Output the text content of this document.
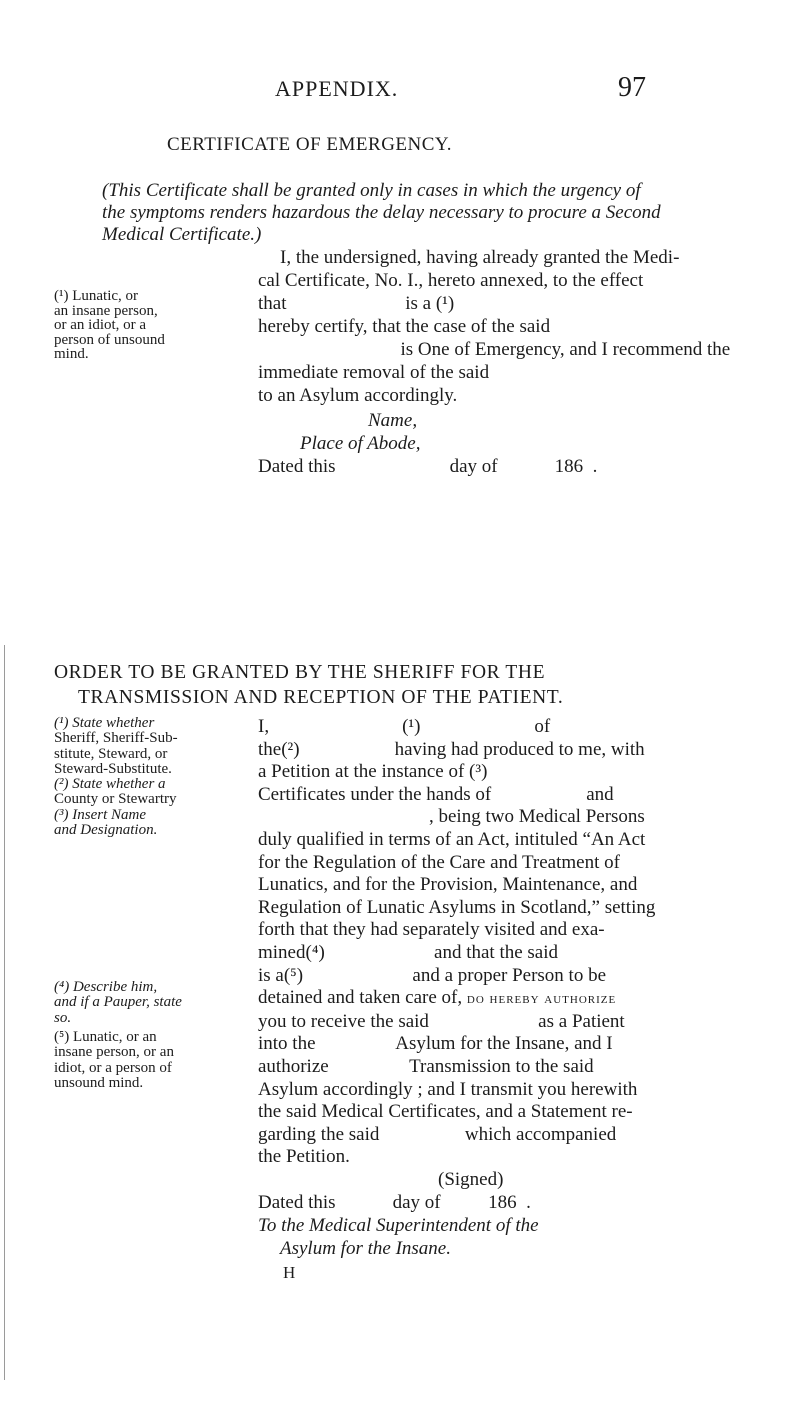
APPENDIX.	97
CERTIFICATE OF EMERGENCY.
(This Certificate shall be granted only in cases in which the urgency of the symptoms renders hazardous the delay necessary to procure a Second Medical Certificate.)
(¹) Lunatic, or
an insane person,
or an idiot, or a
person of unsound
mind.
I, the undersigned, having already granted the Medi-
cal Certificate, No. I., hereto annexed, to the effect
that                         is a (¹)
hereby certify, that the case of the said
is One of Emergency, and I recommend the
immediate removal of the said
to an Asylum accordingly.
Name,
Place of Abode,
Dated this                        day of            186  .
ORDER TO BE GRANTED BY THE SHERIFF FOR THE
TRANSMISSION AND RECEPTION OF THE PATIENT.
(¹) State whether
Sheriff, Sheriff-Sub-
stitute, Steward, or
Steward-Substitute.
(²) State whether a
County or Stewartry
(³) Insert Name
and Designation.
(⁴) Describe him,
and if a Pauper, state
so.
(⁵) Lunatic, or an
insane person, or an
idiot, or a person of
unsound mind.
I,                            (¹)                        of
the(²)                    having had produced to me, with
a Petition at the instance of (³)
Certificates under the hands of                    and
, being two Medical Persons
duly qualified in terms of an Act, intituled “An Act
for the Regulation of the Care and Treatment of
Lunatics, and for the Provision, Maintenance, and
Regulation of Lunatic Asylums in Scotland,” setting
forth that they had separately visited and exa-
mined(⁴)                       and that the said
is a(⁵)                       and a proper Person to be
detained and taken care of, do hereby authorize
you to receive the said                       as a Patient
into the                 Asylum for the Insane, and I
authorize                 Transmission to the said
Asylum accordingly ; and I transmit you herewith
the said Medical Certificates, and a Statement re-
garding the said                  which accompanied
the Petition.
(Signed)
Dated this            day of          186  .
To the Medical Superintendent of the
Asylum for the Insane.
H
